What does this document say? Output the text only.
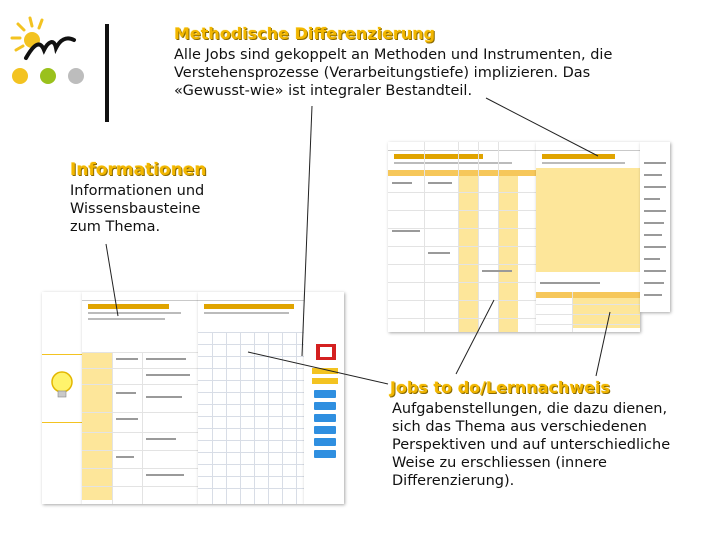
Methodische Differenzierung
Alle Jobs sind gekoppelt an Methoden und Instrumenten, die
Verstehensprozesse (Verarbeitungstiefe) implizieren. Das
«Gewusst-wie» ist integraler Bestandteil.
Informationen
Informationen und
Wissensbausteine
zum Thema.
Jobs to do/Lernnachweis
Aufgabenstellungen, die dazu dienen,
sich das Thema aus verschiedenen
Perspektiven und auf unterschiedliche
Weise zu erschliessen (innere
Differenzierung).
